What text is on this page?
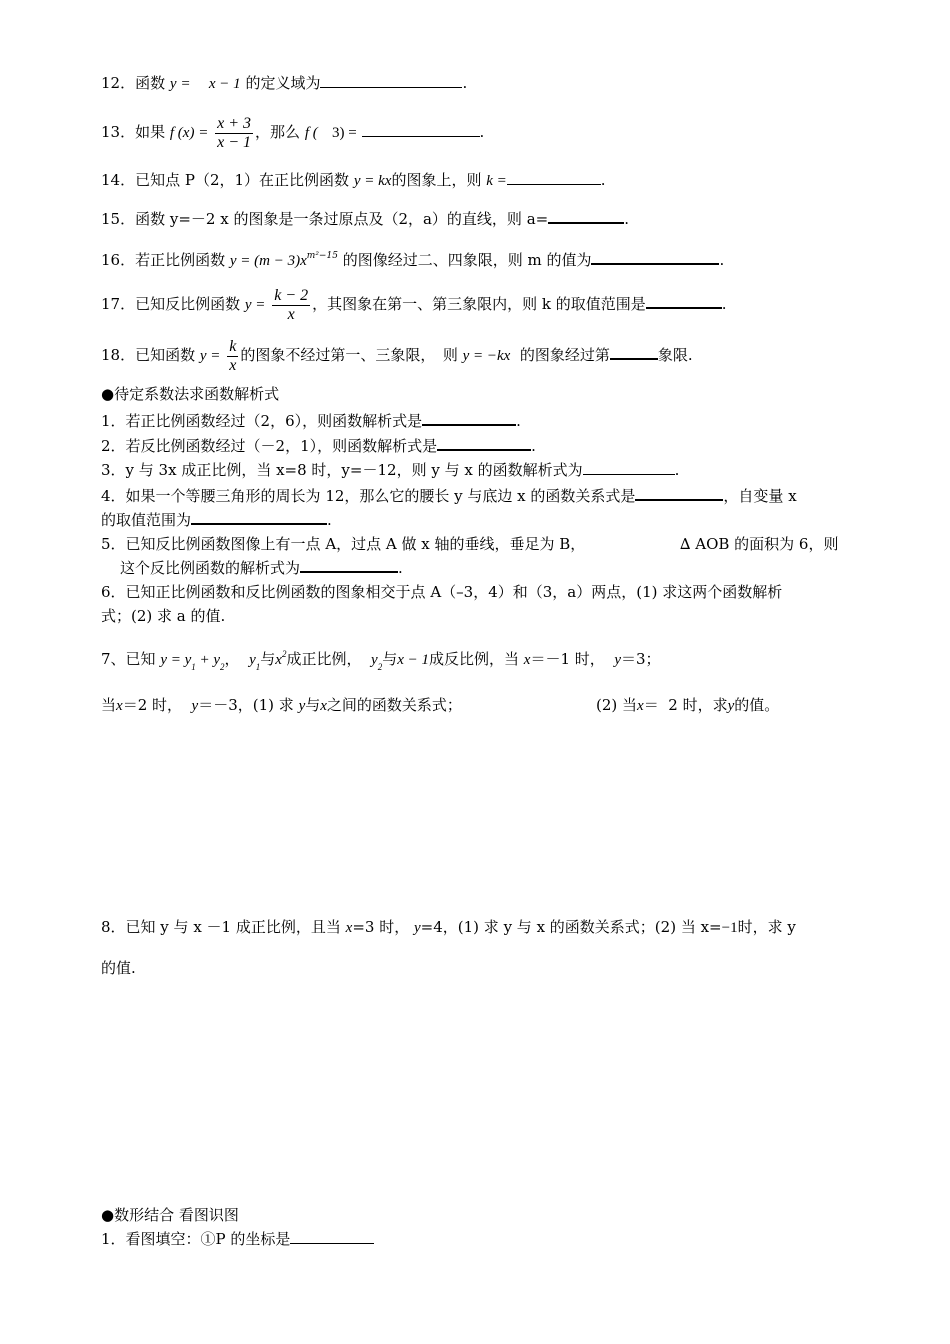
12．函数 y = x − 1 的定义域为	.
13．如果 f $(x) = \frac{x + 3}{x - 1}$ ，那么 f ( 3) =	.
14．已知点 P（2，1）在正比例函数 y = kx的图象上，则 k =	.
15．函数 y=－2 x 的图象是一条过原点及（2，a）的直线，则 a=	.
16．若正比例函数 $y = (m - 3)x^{m^2-15}$ 的图像经过二、四象限，则 m 的值为	.
17．已知反比例函数 $y = \frac{k - 2}{x}$ ，其图象在第一、第三象限内，则 k 的取值范围是	.
18．已知函数 $y = \frac{k}{x}$ 的图象不经过第一、三象限，　则 y = −kx 的图象经过第	象限.
●待定系数法求函数解析式
1．若正比例函数经过（2，6），则函数解析式是	.
2．若反比例函数经过（－2，1），则函数解析式是	.
3．y 与 3x 成正比例，当 x=8 时，y=－12，则 y 与 x 的函数解析式为	.
4．如果一个等腰三角形的周长为 12，那么它的腰长 y 与底边 x 的函数关系式是	，自变量 x
的取值范围为	.
5．已知反比例函数图像上有一点 A，过点 A 做 x 轴的垂线，垂足为 B，	∆ AOB 的面积为 6，则
这个反比例函数的解析式为	.
6．已知正比例函数和反比例函数的图象相交于点 A（–3，4）和（3，a）两点，(1) 求这两个函数解析
式；(2) 求 a 的值.
7、已知 $y = y_1 + y_2$，  $y_1$与$x^2$成正比例， $y_2$与x − 1成反比例，当 x＝－1 时， y＝3；
当x＝2 时， y＝－3，(1) 求 y与x之间的函数关系式；	(2) 当x＝ 2 时，求y的值。
8．已知 y 与 x －1 成正比例，且当 x=3 时， y=4，(1) 求 y 与 x 的函数关系式；(2) 当 x=−1时，求 y
的值.
●数形结合 看图识图
1．看图填空：①P 的坐标是
